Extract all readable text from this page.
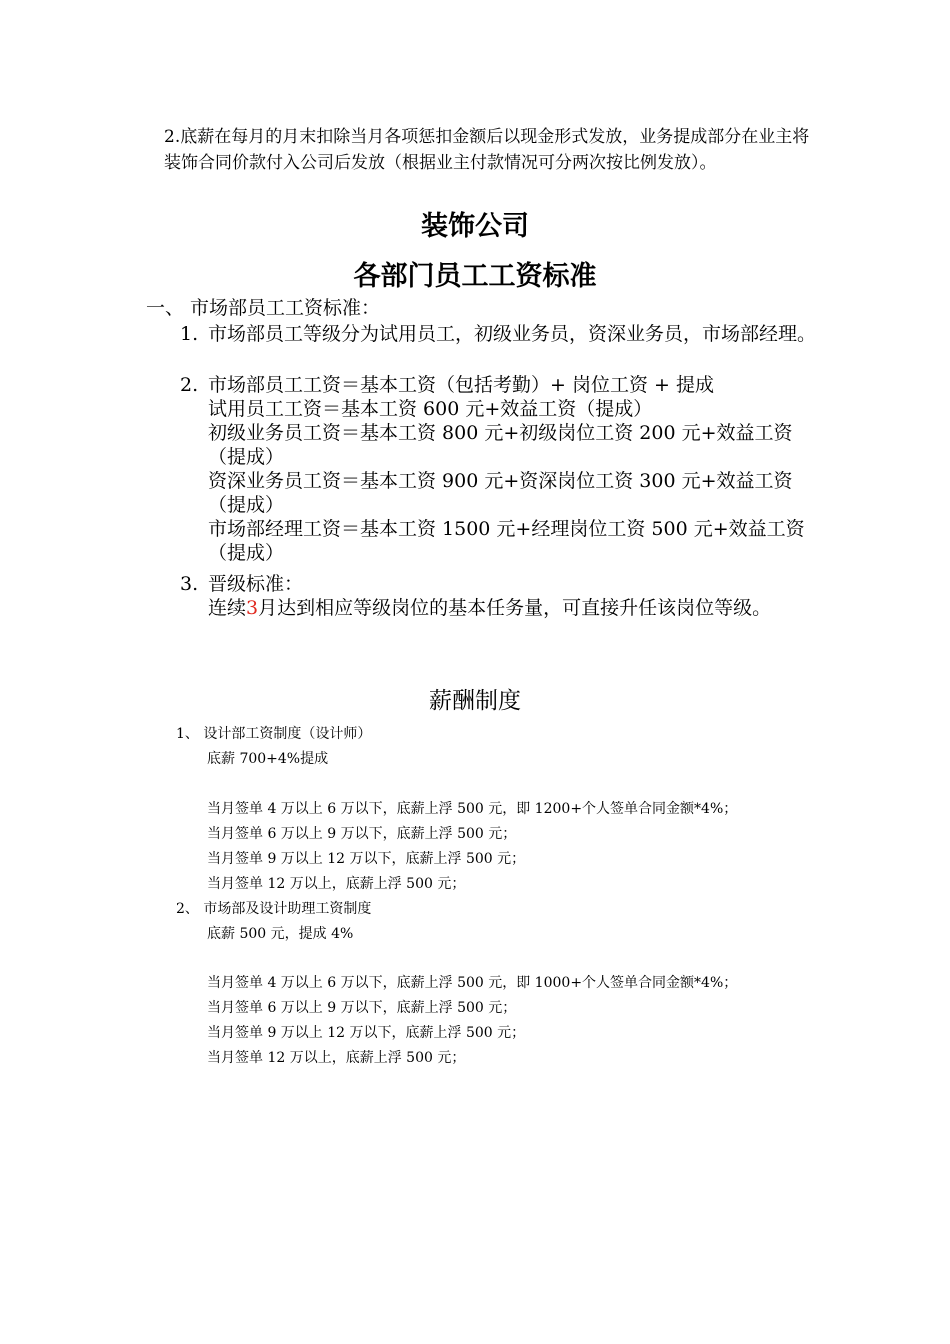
2.底薪在每月的月末扣除当月各项惩扣金额后以现金形式发放，业务提成部分在业主将装饰合同价款付入公司后发放（根据业主付款情况可分两次按比例发放）。

装饰公司
各部门员工工资标准

一、 市场部员工工资标准：

1. 市场部员工等级分为试用员工，初级业务员，资深业务员，市场部经理。

2. 市场部员工工资＝基本工资（包括考勤）+ 岗位工资 + 提成

试用员工工资＝基本工资 600 元+效益工资（提成）

初级业务员工资＝基本工资 800 元+初级岗位工资 200 元+效益工资（提成）

资深业务员工资＝基本工资 900 元+资深岗位工资 300 元+效益工资（提成）

市场部经理工资＝基本工资 1500 元+经理岗位工资 500 元+效益工资（提成）

3. 晋级标准：

连续3月达到相应等级岗位的基本任务量，可直接升任该岗位等级。

薪酬制度

1、 设计部工资制度（设计师）

底薪 700+4%提成

当月签单 4 万以上 6 万以下，底薪上浮 500 元，即 1200+个人签单合同金额*4%；

当月签单 6 万以上 9 万以下，底薪上浮 500 元；

当月签单 9 万以上 12 万以下，底薪上浮 500 元；

当月签单 12 万以上，底薪上浮 500 元；

2、 市场部及设计助理工资制度

底薪 500 元，提成 4%

当月签单 4 万以上 6 万以下，底薪上浮 500 元，即 1000+个人签单合同金额*4%；

当月签单 6 万以上 9 万以下，底薪上浮 500 元；

当月签单 9 万以上 12 万以下，底薪上浮 500 元；

当月签单 12 万以上，底薪上浮 500 元；
